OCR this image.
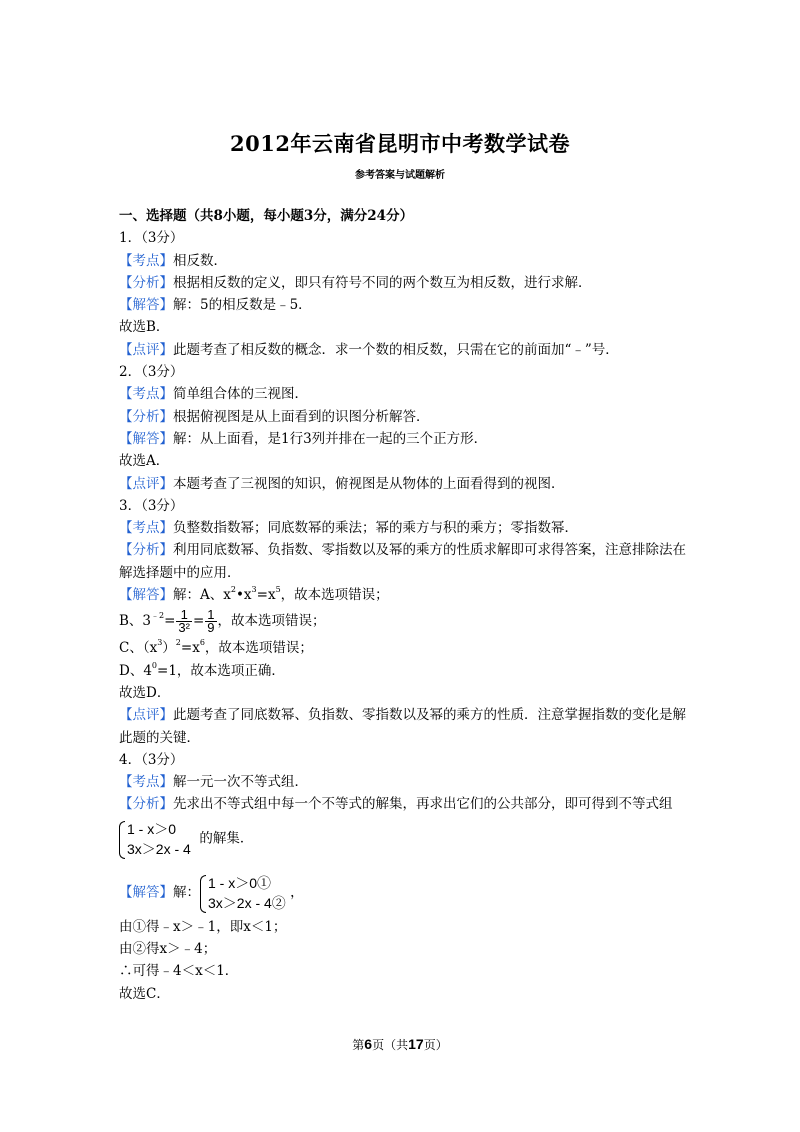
2012年云南省昆明市中考数学试卷
参考答案与试题解析
一、选择题（共8小题，每小题3分，满分24分）
1．（3分）
【考点】相反数．
【分析】根据相反数的定义，即只有符号不同的两个数互为相反数，进行求解．
【解答】解：5的相反数是﹣5．
故选B．
【点评】此题考查了相反数的概念．求一个数的相反数，只需在它的前面加“﹣”号．
2．（3分）
【考点】简单组合体的三视图．
【分析】根据俯视图是从上面看到的识图分析解答．
【解答】解：从上面看，是1行3列并排在一起的三个正方形．
故选A．
【点评】本题考查了三视图的知识，俯视图是从物体的上面看得到的视图．
3．（3分）
【考点】负整数指数幂；同底数幂的乘法；幂的乘方与积的乘方；零指数幂．
【分析】利用同底数幂、负指数、零指数以及幂的乘方的性质求解即可求得答案，注意排除法在解选择题中的应用．
【解答】解：A、$x^2•x^3=x^5$，故本选项错误；
B、$3^{﹣2}= \frac{1}{\text{3²}} = \frac{1}{9}$ ，故本选项错误；
C、$(x^3)^2=x^6$，故本选项错误；
D、$4^0=1$，故本选项正确．
故选D．
【点评】此题考查了同底数幂、负指数、零指数以及幂的乘方的性质．注意掌握指数的变化是解此题的关键．
4．（3分）
【考点】解一元一次不等式组．
【分析】先求出不等式组中每一个不等式的解集，再求出它们的公共部分，即可得到不等式组
1 - x＞0
3x＞2x - 4
的解集．
【解答】解：
1 - x＞0①
3x＞2x - 4②
，
由①得﹣x＞﹣1，即x＜1；
由②得x＞﹣4；
∴可得﹣4＜x＜1．
故选C．
第6页（共17页）
